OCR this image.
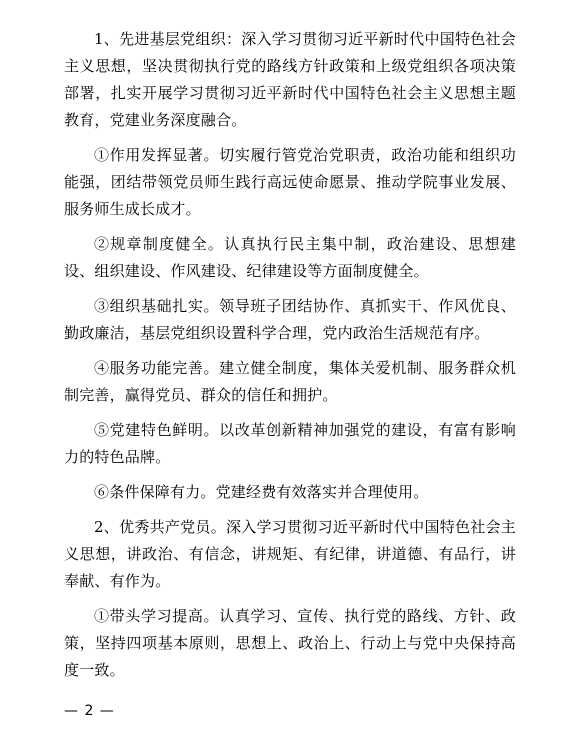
1、先进基层党组织：深入学习贯彻习近平新时代中国特色社会主义思想，坚决贯彻执行党的路线方针政策和上级党组织各项决策部署，扎实开展学习贯彻习近平新时代中国特色社会主义思想主题教育，党建业务深度融合。

①作用发挥显著。切实履行管党治党职责，政治功能和组织功能强，团结带领党员师生践行高远使命愿景、推动学院事业发展、服务师生成长成才。

②规章制度健全。认真执行民主集中制，政治建设、思想建设、组织建设、作风建设、纪律建设等方面制度健全。

③组织基础扎实。领导班子团结协作、真抓实干、作风优良、勤政廉洁，基层党组织设置科学合理，党内政治生活规范有序。

④服务功能完善。建立健全制度，集体关爱机制、服务群众机制完善，赢得党员、群众的信任和拥护。

⑤党建特色鲜明。以改革创新精神加强党的建设，有富有影响力的特色品牌。

⑥条件保障有力。党建经费有效落实并合理使用。

2、优秀共产党员。深入学习贯彻习近平新时代中国特色社会主义思想，讲政治、有信念，讲规矩、有纪律，讲道德、有品行，讲奉献、有作为。

①带头学习提高。认真学习、宣传、执行党的路线、方针、政策，坚持四项基本原则，思想上、政治上、行动上与党中央保持高度一致。

— 2 —
